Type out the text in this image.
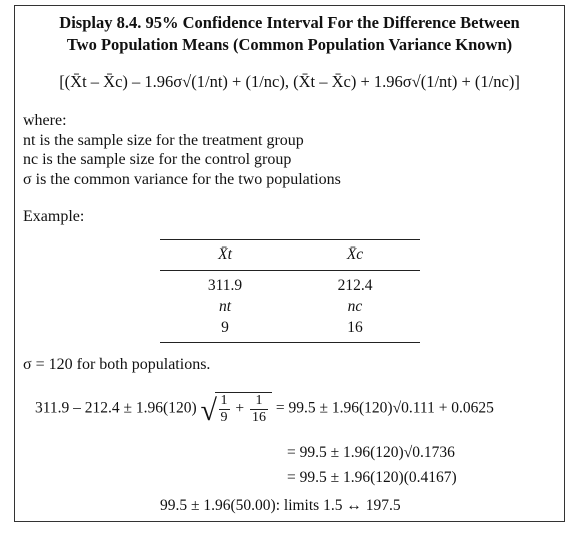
Display 8.4. 95% Confidence Interval For the Difference Between
Two Population Means (Common Population Variance Known)
[(X̄t – X̄c) – 1.96σ√(1/nt) + (1/nc), (X̄t – X̄c) + 1.96σ√(1/nt) + (1/nc)]
where:
nt is the sample size for the treatment group
nc is the sample size for the control group
σ is the common variance for the two populations
Example:
X̄t	X̄c
311.9	212.4
nt	nc
9	16
σ = 120 for both populations.
311.9 – 212.4 ± 1.96(120) √ $\frac{1}{9} + \frac{1}{16} = 99.5 \pm 1.96(120)√0.111 + 0.0625$
= 99.5 ± 1.96(120)√0.1736
= 99.5 ± 1.96(120)(0.4167)
99.5 ± 1.96(50.00): limits 1.5 ↔ 197.5
